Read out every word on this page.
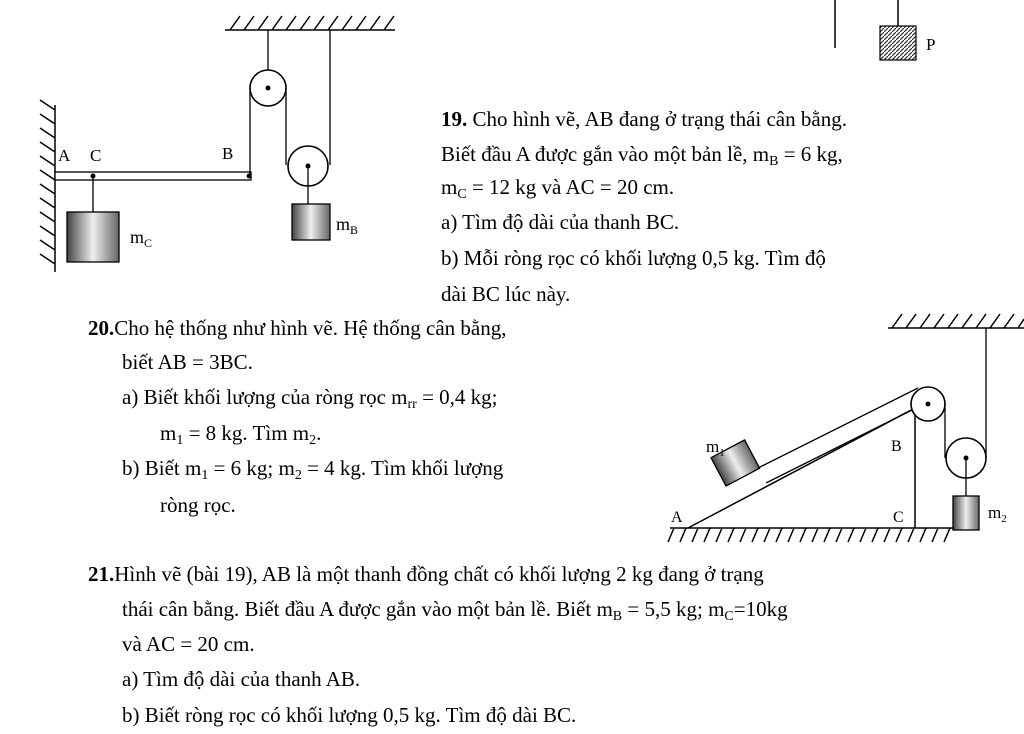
A C	B
$m_C$
$m_B$
P
$m_1$	B
A	C	$m_2$
19. Cho hình vẽ, AB đang ở trạng thái cân bằng.
Biết đầu A được gắn vào một bản lề, $m_B = 6$ kg,
$m_C = 12$ kg và AC = 20 cm.
a) Tìm độ dài của thanh BC.
b) Mỗi ròng rọc có khối lượng 0,5 kg. Tìm độ
dài BC lúc này.
20.Cho hệ thống như hình vẽ. Hệ thống cân bằng,
biết AB = 3BC.
a) Biết khối lượng của ròng rọc $m_{rr} = 0,4$ kg;
$m_1 = 8$ kg. Tìm $m_2$.
b) Biết $m_1 = 6$ kg; $m_2 = 4$ kg. Tìm khối lượng
ròng rọc.
21.Hình vẽ (bài 19), AB là một thanh đồng chất có khối lượng 2 kg đang ở trạng
thái cân bằng. Biết đầu A được gắn vào một bản lề. Biết $m_B = 5,5$ kg; $m_C=10kg$
và AC = 20 cm.
a) Tìm độ dài của thanh AB.
b) Biết ròng rọc có khối lượng 0,5 kg. Tìm độ dài BC.
